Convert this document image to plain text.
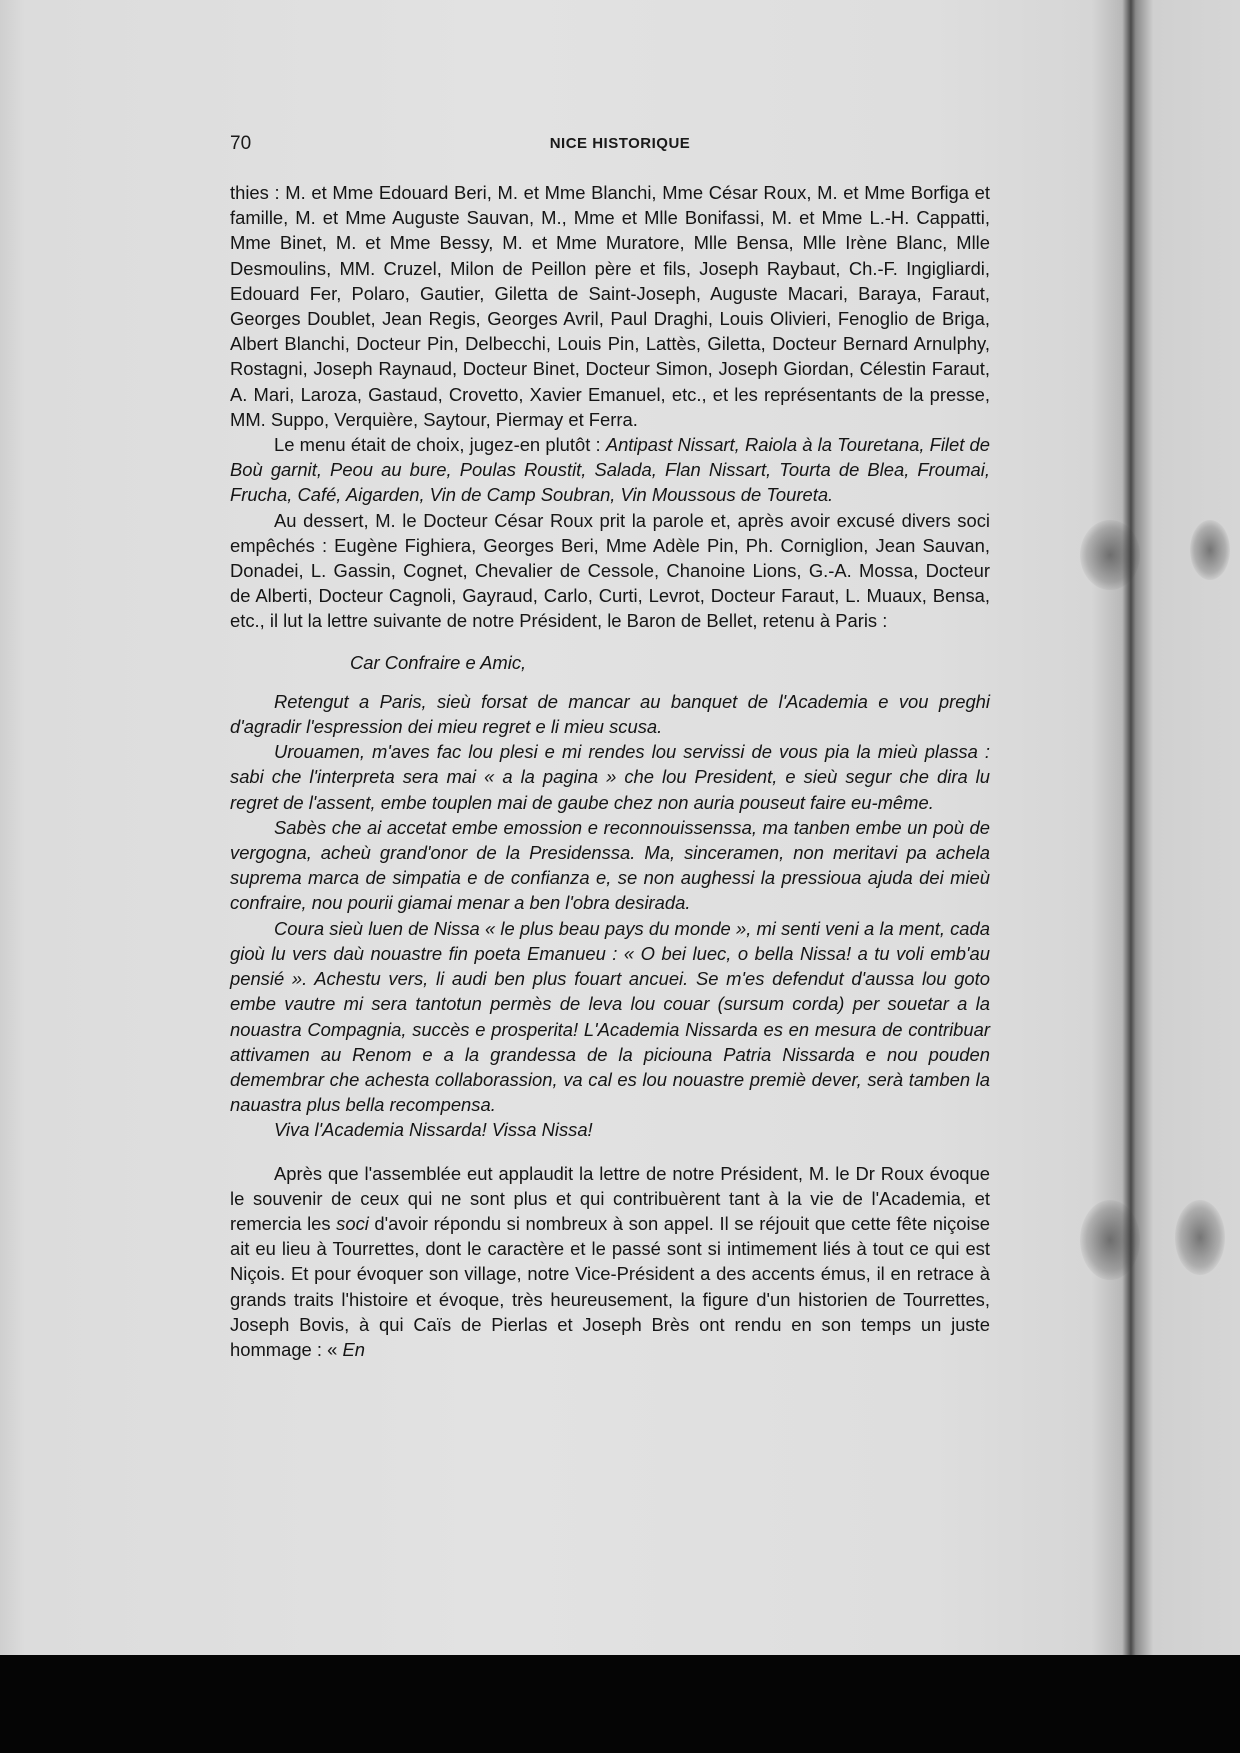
70	NICE HISTORIQUE

thies : M. et Mme Edouard Beri, M. et Mme Blanchi, Mme César Roux, M. et Mme Borfiga et famille, M. et Mme Auguste Sauvan, M., Mme et Mlle Bonifassi, M. et Mme L.-H. Cappatti, Mme Binet, M. et Mme Bessy, M. et Mme Muratore, Mlle Bensa, Mlle Irène Blanc, Mlle Desmoulins, MM. Cruzel, Milon de Peillon père et fils, Joseph Raybaut, Ch.-F. Ingigliardi, Edouard Fer, Polaro, Gautier, Giletta de Saint-Joseph, Auguste Macari, Baraya, Faraut, Georges Doublet, Jean Regis, Georges Avril, Paul Draghi, Louis Olivieri, Fenoglio de Briga, Albert Blanchi, Docteur Pin, Delbecchi, Louis Pin, Lattès, Giletta, Docteur Bernard Arnulphy, Rostagni, Joseph Raynaud, Docteur Binet, Docteur Simon, Joseph Giordan, Célestin Faraut, A. Mari, Laroza, Gastaud, Crovetto, Xavier Emanuel, etc., et les représentants de la presse, MM. Suppo, Verquière, Saytour, Piermay et Ferra.

Le menu était de choix, jugez-en plutôt : Antipast Nissart, Raiola à la Touretana, Filet de Boù garnit, Peou au bure, Poulas Roustit, Salada, Flan Nissart, Tourta de Blea, Froumai, Frucha, Café, Aigarden, Vin de Camp Soubran, Vin Moussous de Toureta.

Au dessert, M. le Docteur César Roux prit la parole et, après avoir excusé divers soci empêchés : Eugène Fighiera, Georges Beri, Mme Adèle Pin, Ph. Corniglion, Jean Sauvan, Donadei, L. Gassin, Cognet, Chevalier de Cessole, Chanoine Lions, G.-A. Mossa, Docteur de Alberti, Docteur Cagnoli, Gayraud, Carlo, Curti, Levrot, Docteur Faraut, L. Muaux, Bensa, etc., il lut la lettre suivante de notre Président, le Baron de Bellet, retenu à Paris :

Car Confraire e Amic,

Retengut a Paris, sieù forsat de mancar au banquet de l'Academia e vou preghi d'agradir l'espression dei mieu regret e li mieu scusa.

Urouamen, m'aves fac lou plesi e mi rendes lou servissi de vous pia la mieù plassa : sabi che l'interpreta sera mai « a la pagina » che lou President, e sieù segur che dira lu regret de l'assent, embe touplen mai de gaube chez non auria pouseut faire eu-même.

Sabès che ai accetat embe emossion e reconnouissenssa, ma tanben embe un poù de vergogna, acheù grand'onor de la Presidenssa. Ma, sinceramen, non meritavi pa achela suprema marca de simpatia e de confianza e, se non aughessi la pressioua ajuda dei mieù confraire, nou pourii giamai menar a ben l'obra desirada.

Coura sieù luen de Nissa « le plus beau pays du monde », mi senti veni a la ment, cada gioù lu vers daù nouastre fin poeta Emanueu : « O bei luec, o bella Nissa! a tu voli emb'au pensié ». Achestu vers, li audi ben plus fouart ancuei. Se m'es defendut d'aussa lou goto embe vautre mi sera tantotun permès de leva lou couar (sursum corda) per souetar a la nouastra Compagnia, succès e prosperita! L'Academia Nissarda es en mesura de contribuar attivamen au Renom e a la grandessa de la piciouna Patria Nissarda e nou pouden demembrar che achesta collaborassion, va cal es lou nouastre premiè dever, serà tamben la nauastra plus bella recompensa.

Viva l'Academia Nissarda! Vissa Nissa!

Après que l'assemblée eut applaudit la lettre de notre Président, M. le Dr Roux évoque le souvenir de ceux qui ne sont plus et qui contribuèrent tant à la vie de l'Academia, et remercia les soci d'avoir répondu si nombreux à son appel. Il se réjouit que cette fête niçoise ait eu lieu à Tourrettes, dont le caractère et le passé sont si intimement liés à tout ce qui est Niçois. Et pour évoquer son village, notre Vice-Président a des accents émus, il en retrace à grands traits l'histoire et évoque, très heureusement, la figure d'un historien de Tourrettes, Joseph Bovis, à qui Caïs de Pierlas et Joseph Brès ont rendu en son temps un juste hommage : « En
